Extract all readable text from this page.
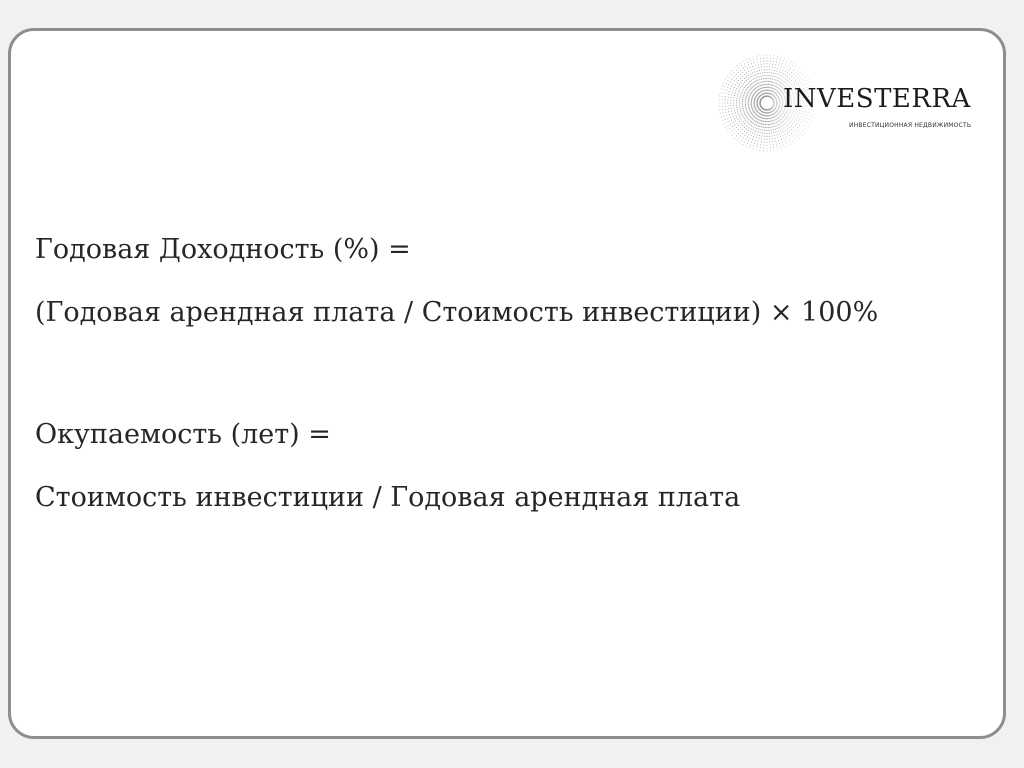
INVESTERRA
ИНВЕСТИЦИОННАЯ НЕДВИЖИМОСТЬ

Годовая Доходность (%) =

(Годовая арендная плата / Стоимость инвестиции) × 100%

Окупаемость (лет) =

Стоимость инвестиции / Годовая арендная плата
